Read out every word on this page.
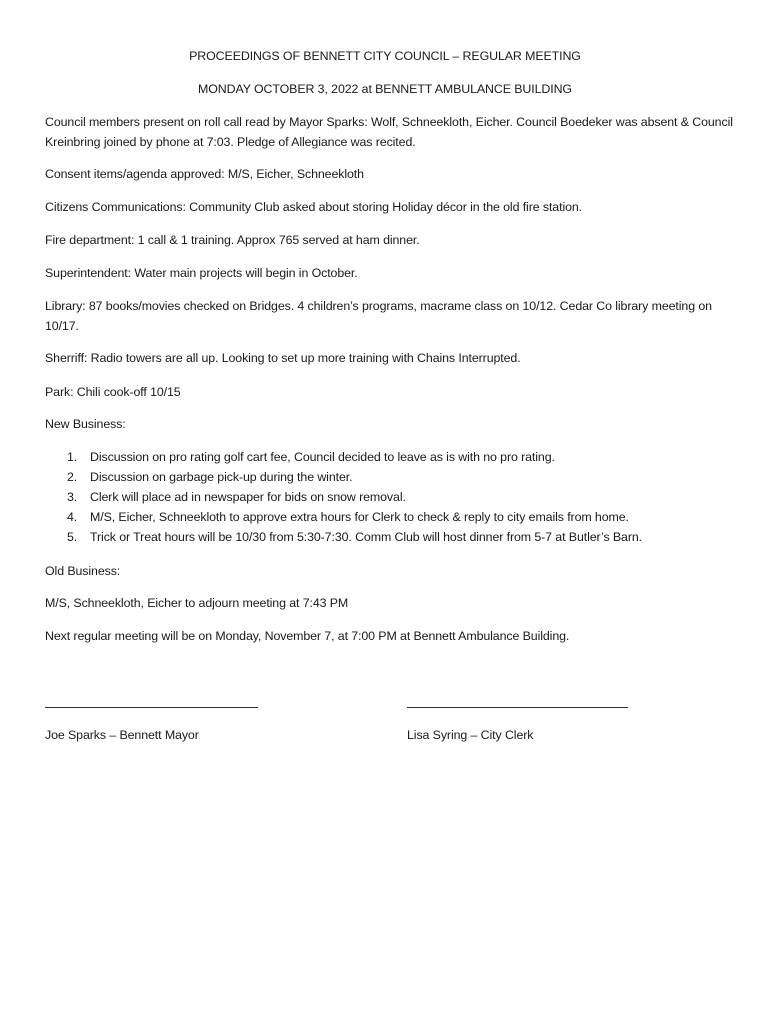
PROCEEDINGS OF BENNETT CITY COUNCIL – REGULAR MEETING
MONDAY OCTOBER 3, 2022 at BENNETT AMBULANCE BUILDING
Council members present on roll call read by Mayor Sparks: Wolf, Schneekloth, Eicher. Council Boedeker was absent & Council Kreinbring joined by phone at 7:03. Pledge of Allegiance was recited.
Consent items/agenda approved: M/S, Eicher, Schneekloth
Citizens Communications: Community Club asked about storing Holiday décor in the old fire station.
Fire department: 1 call & 1 training. Approx 765 served at ham dinner.
Superintendent: Water main projects will begin in October.
Library: 87 books/movies checked on Bridges. 4 children’s programs, macrame class on 10/12. Cedar Co library meeting on 10/17.
Sherriff: Radio towers are all up. Looking to set up more training with Chains Interrupted.
Park: Chili cook-off 10/15
New Business:
1. Discussion on pro rating golf cart fee, Council decided to leave as is with no pro rating.
2. Discussion on garbage pick-up during the winter.
3. Clerk will place ad in newspaper for bids on snow removal.
4. M/S, Eicher, Schneekloth to approve extra hours for Clerk to check & reply to city emails from home.
5. Trick or Treat hours will be 10/30 from 5:30-7:30. Comm Club will host dinner from 5-7 at Butler’s Barn.
Old Business:
M/S, Schneekloth, Eicher to adjourn meeting at 7:43 PM
Next regular meeting will be on Monday, November 7, at 7:00 PM at Bennett Ambulance Building.
Joe Sparks – Bennett Mayor	Lisa Syring – City Clerk
